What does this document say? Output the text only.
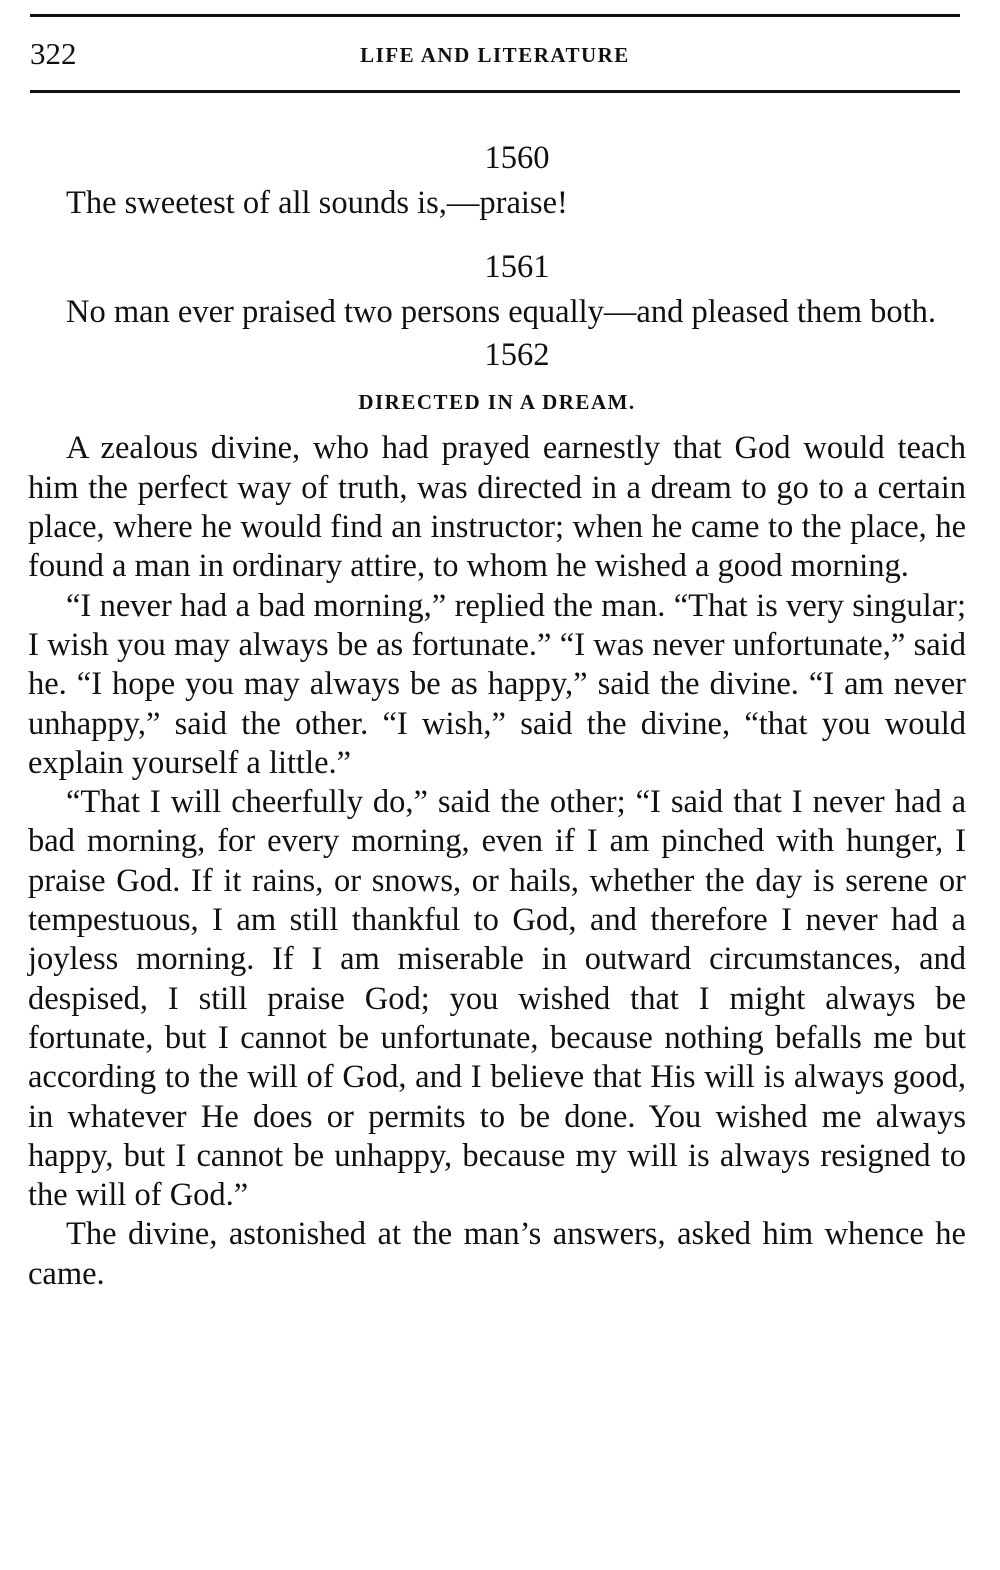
322	LIFE AND LITERATURE
1560

The sweetest of all sounds is,—praise!

1561

No man ever praised two persons equally—and pleased them both.

1562
DIRECTED IN A DREAM.

A zealous divine, who had prayed earnestly that God would teach him the perfect way of truth, was directed in a dream to go to a certain place, where he would find an instructor; when he came to the place, he found a man in ordinary attire, to whom he wished a good morning.

“I never had a bad morning,” replied the man. “That is very singular; I wish you may always be as fortunate.” “I was never unfortunate,” said he. “I hope you may always be as happy,” said the divine. “I am never unhappy,” said the other. “I wish,” said the divine, “that you would explain yourself a little.”

“That I will cheerfully do,” said the other; “I said that I never had a bad morning, for every morning, even if I am pinched with hunger, I praise God. If it rains, or snows, or hails, whether the day is serene or tempestuous, I am still thankful to God, and therefore I never had a joyless morning. If I am miserable in outward circumstances, and despised, I still praise God; you wished that I might always be fortunate, but I cannot be unfortunate, because nothing befalls me but according to the will of God, and I believe that His will is always good, in whatever He does or permits to be done. You wished me always happy, but I cannot be unhappy, because my will is always resigned to the will of God.”

The divine, astonished at the man’s answers, asked him whence he came.
